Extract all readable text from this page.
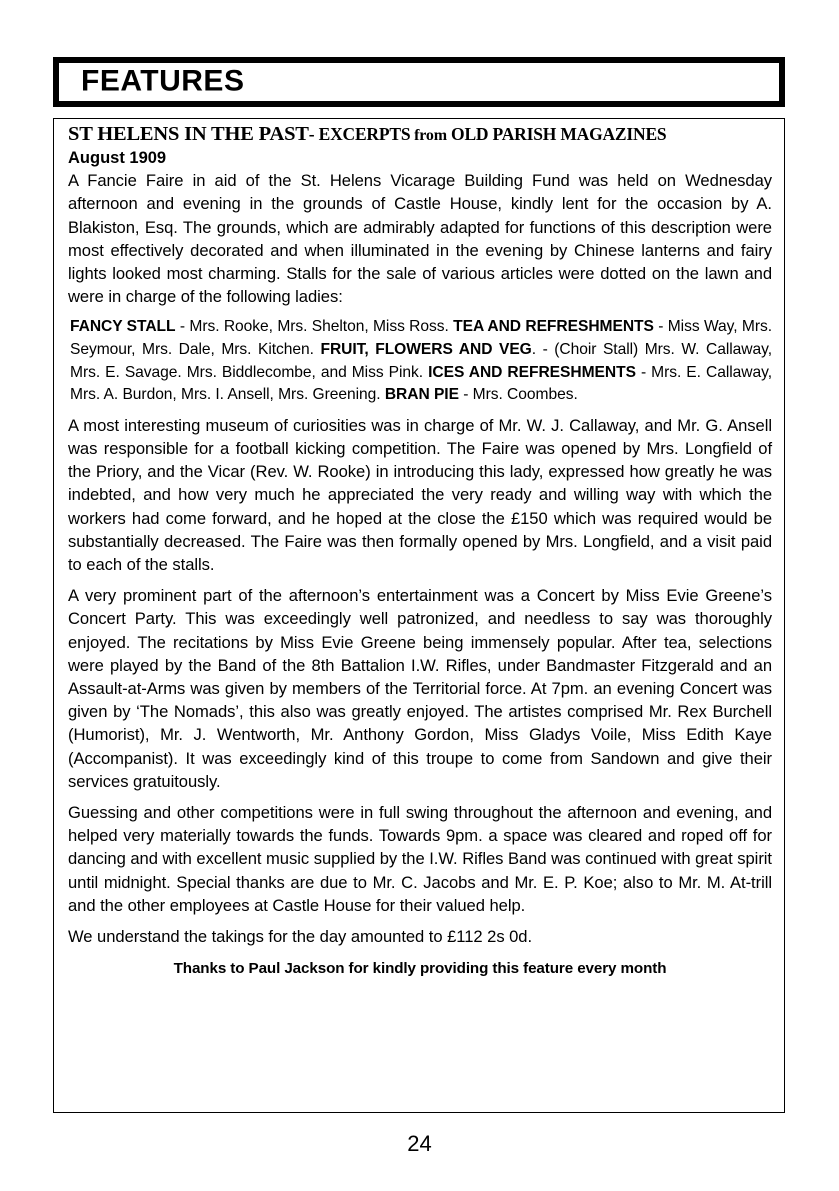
FEATURES
ST HELENS IN THE PAST- EXCERPTS from OLD PARISH MAGAZINES
August 1909

A Fancie Faire in aid of the St. Helens Vicarage Building Fund was held on Wednesday afternoon and evening in the grounds of Castle House, kindly lent for the occasion by A. Blakiston, Esq. The grounds, which are admirably adapted for functions of this description were most effectively decorated and when illuminated in the evening by Chinese lanterns and fairy lights looked most charming. Stalls for the sale of various articles were dotted on the lawn and were in charge of the following ladies:

FANCY STALL - Mrs. Rooke, Mrs. Shelton, Miss Ross. TEA AND REFRESHMENTS - Miss Way, Mrs. Seymour, Mrs. Dale, Mrs. Kitchen. FRUIT, FLOWERS AND VEG. - (Choir Stall) Mrs. W. Callaway, Mrs. E. Savage. Mrs. Biddlecombe, and Miss Pink. ICES AND REFRESHMENTS - Mrs. E. Callaway, Mrs. A. Burdon, Mrs. I. Ansell, Mrs. Greening. BRAN PIE - Mrs. Coombes.

A most interesting museum of curiosities was in charge of Mr. W. J. Callaway, and Mr. G. Ansell was responsible for a football kicking competition. The Faire was opened by Mrs. Longfield of the Priory, and the Vicar (Rev. W. Rooke) in introducing this lady, expressed how greatly he was indebted, and how very much he appreciated the very ready and willing way with which the workers had come forward, and he hoped at the close the £150 which was required would be substantially decreased. The Faire was then formally opened by Mrs. Longfield, and a visit paid to each of the stalls.

A very prominent part of the afternoon’s entertainment was a Concert by Miss Evie Greene’s Concert Party. This was exceedingly well patronized, and needless to say was thoroughly enjoyed. The recitations by Miss Evie Greene being immensely popular. After tea, selections were played by the Band of the 8th Battalion I.W. Rifles, under Bandmaster Fitzgerald and an Assault-at-Arms was given by members of the Territorial force. At 7pm. an evening Concert was given by ‘The Nomads’, this also was greatly enjoyed. The artistes comprised Mr. Rex Burchell (Humorist), Mr. J. Wentworth, Mr. Anthony Gordon, Miss Gladys Voile, Miss Edith Kaye (Accompanist). It was exceedingly kind of this troupe to come from Sandown and give their services gratuitously.

Guessing and other competitions were in full swing throughout the afternoon and evening, and helped very materially towards the funds. Towards 9pm. a space was cleared and roped off for dancing and with excellent music supplied by the I.W. Rifles Band was continued with great spirit until midnight. Special thanks are due to Mr. C. Jacobs and Mr. E. P. Koe; also to Mr. M. At-trill and the other employees at Castle House for their valued help.

We understand the takings for the day amounted to £112 2s 0d.

Thanks to Paul Jackson for kindly providing this feature every month
24
